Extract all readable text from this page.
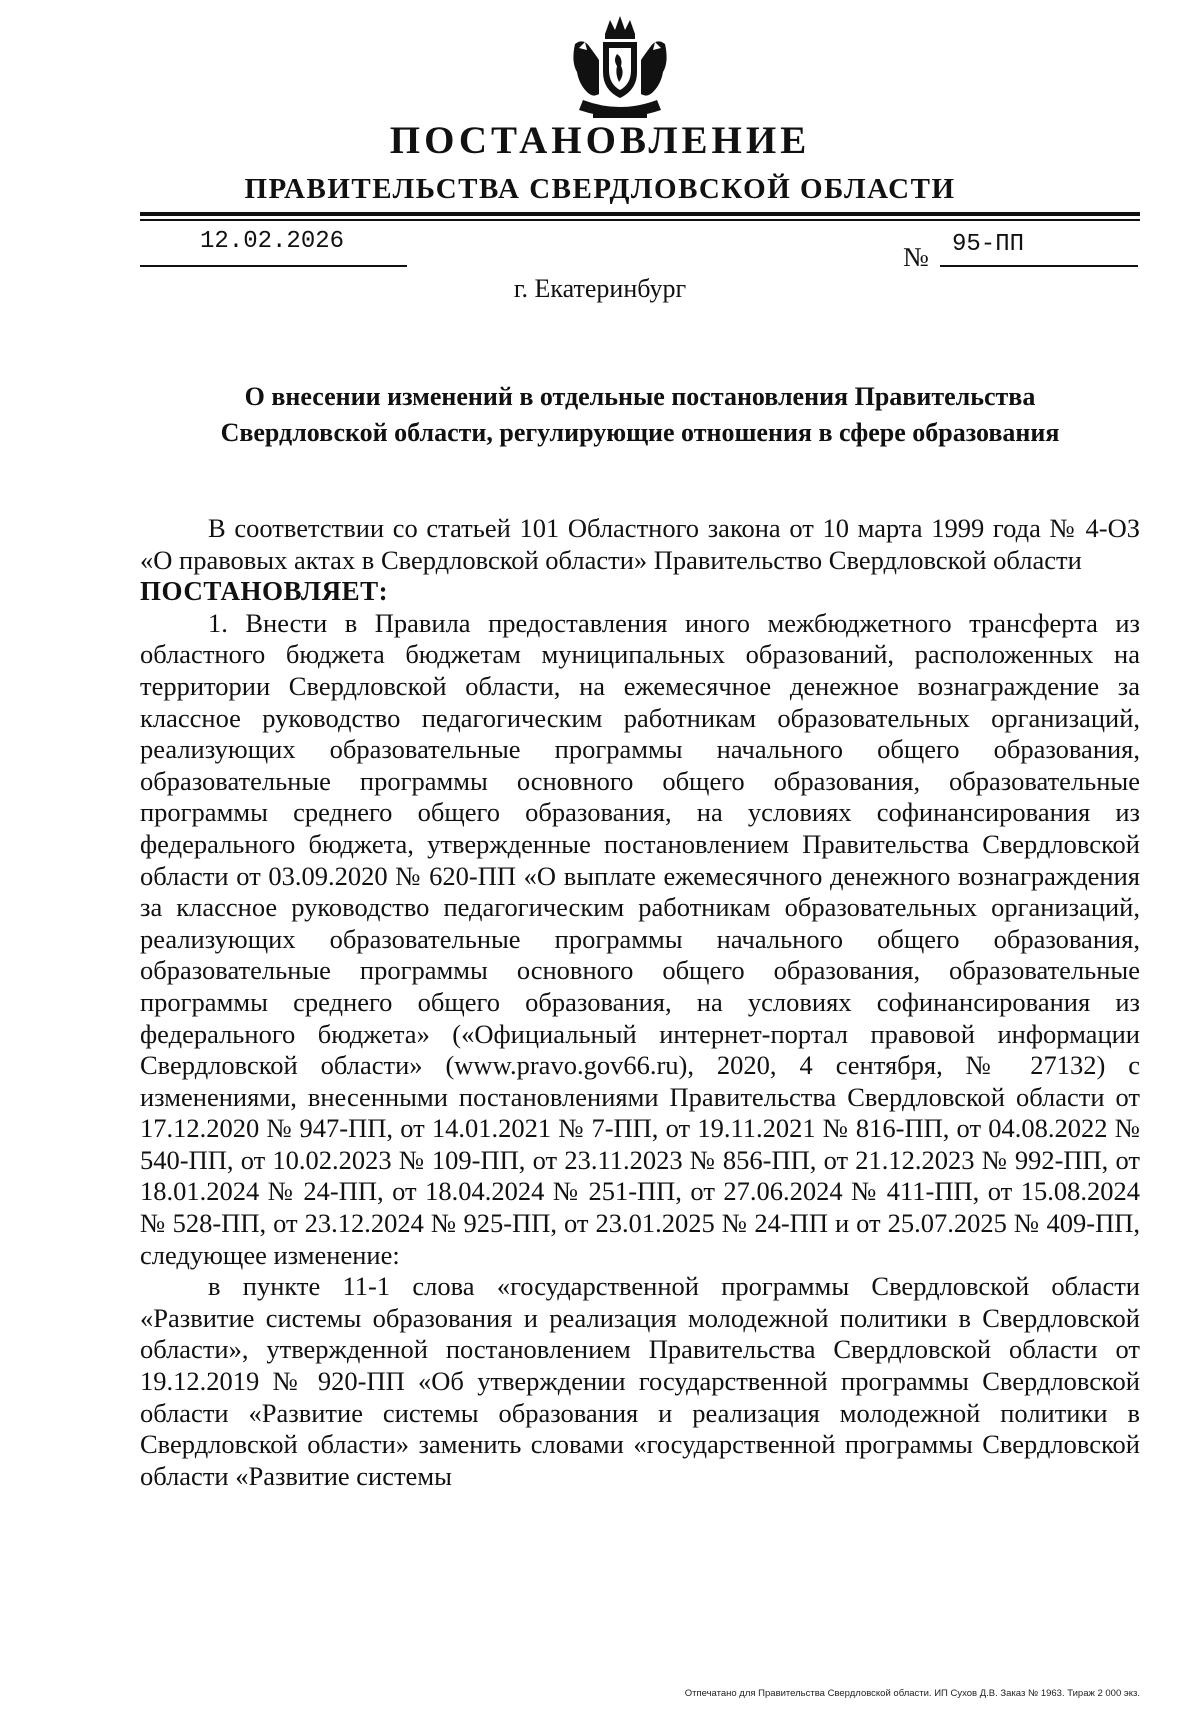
ПОСТАНОВЛЕНИЕ
ПРАВИТЕЛЬСТВА СВЕРДЛОВСКОЙ ОБЛАСТИ
12.02.2026
№ 95-ПП
г. Екатеринбург
О внесении изменений в отдельные постановления Правительства
Свердловской области, регулирующие отношения в сфере образования

В соответствии со статьей 101 Областного закона от 10 марта 1999 года № 4-ОЗ «О правовых актах в Свердловской области» Правительство Свердловской области

ПОСТАНОВЛЯЕТ:

1. Внести в Правила предоставления иного межбюджетного трансферта из областного бюджета бюджетам муниципальных образований, расположенных на территории Свердловской области, на ежемесячное денежное вознаграждение за классное руководство педагогическим работникам образовательных организаций, реализующих образовательные программы начального общего образования, образовательные программы основного общего образования, образовательные программы среднего общего образования, на условиях софинансирования из федерального бюджета, утвержденные постановлением Правительства Свердловской области от 03.09.2020 № 620-ПП «О выплате ежемесячного денежного вознаграждения за классное руководство педагогическим работникам образовательных организаций, реализующих образовательные программы начального общего образования, образовательные программы основного общего образования, образовательные программы среднего общего образования, на условиях софинансирования из федерального бюджета» («Официальный интернет-портал правовой информации Свердловской области» (www.pravo.gov66.ru), 2020, 4 сентября, № 27132) с изменениями, внесенными постановлениями Правительства Свердловской области от 17.12.2020 № 947-ПП, от 14.01.2021 № 7-ПП, от 19.11.2021 № 816-ПП, от 04.08.2022 № 540-ПП, от 10.02.2023 № 109-ПП, от 23.11.2023 № 856-ПП, от 21.12.2023 № 992-ПП, от 18.01.2024 № 24-ПП, от 18.04.2024 № 251-ПП, от 27.06.2024 № 411-ПП, от 15.08.2024 № 528-ПП, от 23.12.2024 № 925-ПП, от 23.01.2025 № 24-ПП и от 25.07.2025 № 409-ПП, следующее изменение:

в пункте 11-1 слова «государственной программы Свердловской области «Развитие системы образования и реализация молодежной политики в Свердловской области», утвержденной постановлением Правительства Свердловской области от 19.12.2019 № 920-ПП «Об утверждении государственной программы Свердловской области «Развитие системы образования и реализация молодежной политики в Свердловской области» заменить словами «государственной программы Свердловской области «Развитие системы

Отпечатано для Правительства Свердловской области. ИП Сухов Д.В. Заказ № 1963. Тираж 2 000 экз.
